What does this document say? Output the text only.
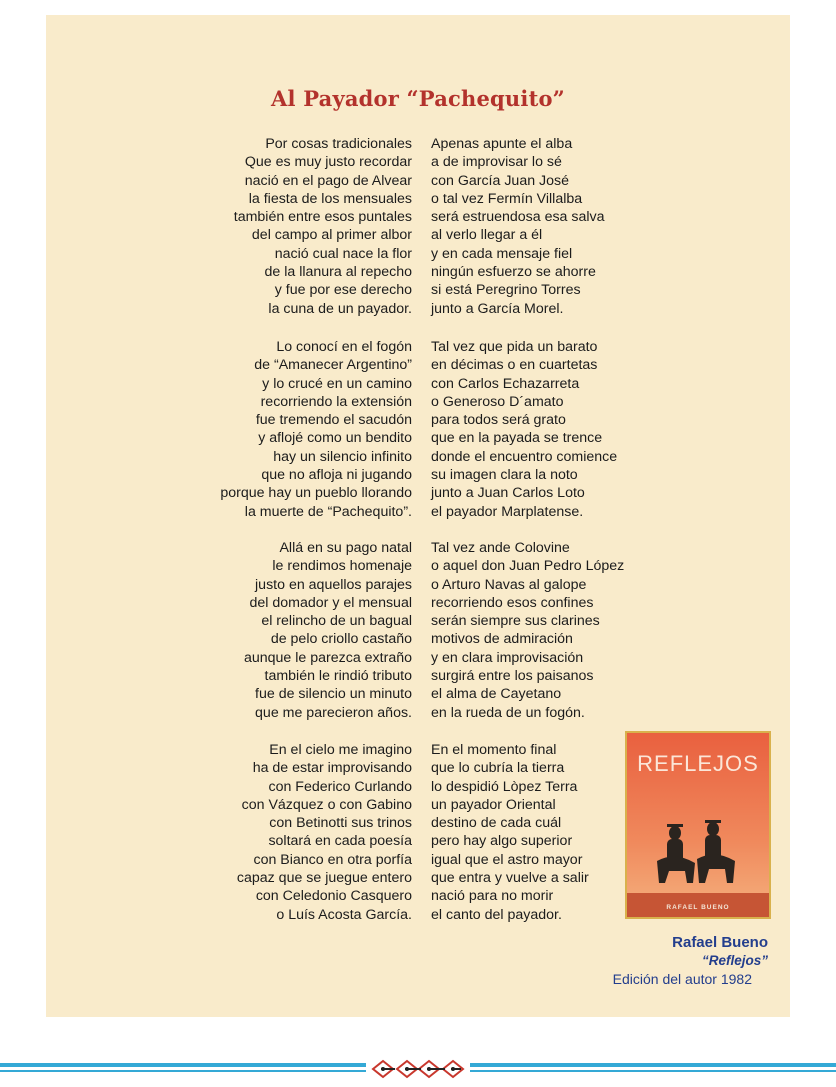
Al Payador “Pachequito”
Por cosas tradicionales
Que es muy justo recordar
nació en el pago de Alvear
la fiesta de los mensuales
también entre esos puntales
del campo al primer albor
nació cual nace la flor
de la llanura al repecho
y fue por ese derecho
la cuna de un payador.
Lo conocí en el fogón
de “Amanecer Argentino”
y lo crucé en un camino
recorriendo la extensión
fue tremendo el sacudón
y aflojé como un bendito
hay un silencio infinito
que no afloja ni jugando
porque hay un pueblo llorando
la muerte de “Pachequito”.
Allá en su pago natal
le rendimos homenaje
justo en aquellos parajes
del domador y el mensual
el relincho de un bagual
de pelo criollo castaño
aunque le parezca extraño
también le rindió tributo
fue de silencio un minuto
que me parecieron años.
En el cielo me imagino
ha de estar improvisando
con Federico Curlando
con Vázquez o con Gabino
con Betinotti sus trinos
soltará en cada poesía
con Bianco en otra porfía
capaz que se juegue entero
con Celedonio Casquero
o Luís Acosta García.
Apenas apunte el alba
a de improvisar lo sé
con García Juan José
o tal vez Fermín Villalba
será estruendosa esa salva
al verlo llegar a él
y en cada mensaje fiel
ningún esfuerzo se ahorre
si está Peregrino Torres
junto a García Morel.
Tal vez que pida un barato
en décimas o en cuartetas
con Carlos Echazarreta
o Generoso D´amato
para todos será grato
que en la payada se trence
donde el encuentro comience
su imagen clara la noto
junto a Juan Carlos Loto
el payador Marplatense.
Tal vez ande Colovine
o aquel don Juan Pedro López
o Arturo Navas al galope
recorriendo esos confines
serán siempre sus clarines
motivos de admiración
y en clara improvisación
surgirá entre los paisanos
el alma de Cayetano
en la rueda de un fogón.
En el momento final
que lo cubría la tierra
lo despidió Lòpez Terra
un payador Oriental
destino de cada cuál
pero hay algo superior
igual que el astro mayor
que entra y vuelve a salir
nació para no morir
el canto del payador.
REFLEJOS
RAFAEL BUENO
Rafael Bueno
“Reflejos”
Edición del autor 1982
